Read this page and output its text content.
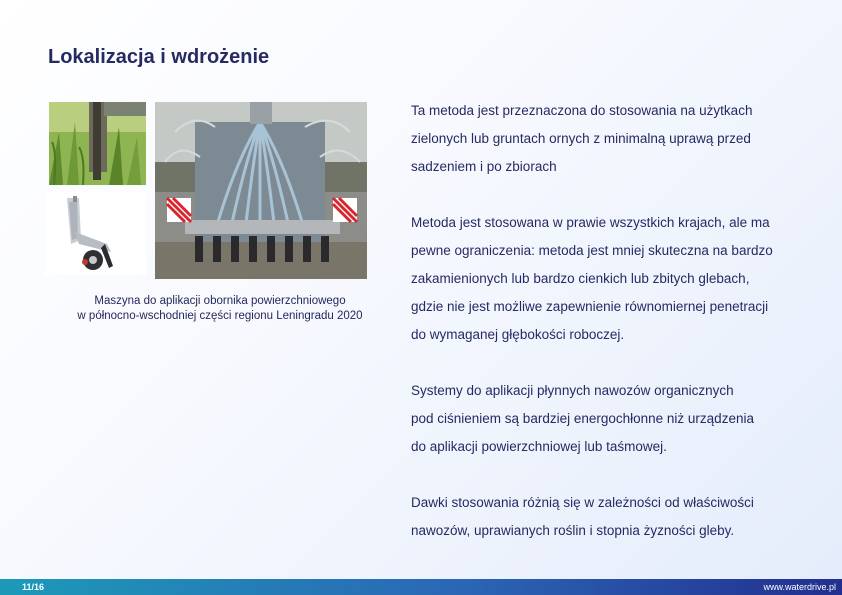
Lokalizacja i wdrożenie
Maszyna do aplikacji obornika powierzchniowego
w północno-wschodniej części regionu Leningradu 2020

Ta metoda jest przeznaczona do stosowania na użytkach
zielonych lub gruntach ornych z minimalną uprawą przed
sadzeniem i po zbiorach

Metoda jest stosowana w prawie wszystkich krajach, ale ma
pewne ograniczenia: metoda jest mniej skuteczna na bardzo
zakamienionych lub bardzo cienkich lub zbitych glebach,
gdzie nie jest możliwe zapewnienie równomiernej penetracji
do wymaganej głębokości roboczej.

Systemy do aplikacji płynnych nawozów organicznych
pod ciśnieniem są bardziej energochłonne niż urządzenia
do aplikacji powierzchniowej lub taśmowej.

Dawki stosowania różnią się w zależności od właściwości
nawozów, uprawianych roślin i stopnia żyzności gleby.

11/16	www.waterdrive.pl
